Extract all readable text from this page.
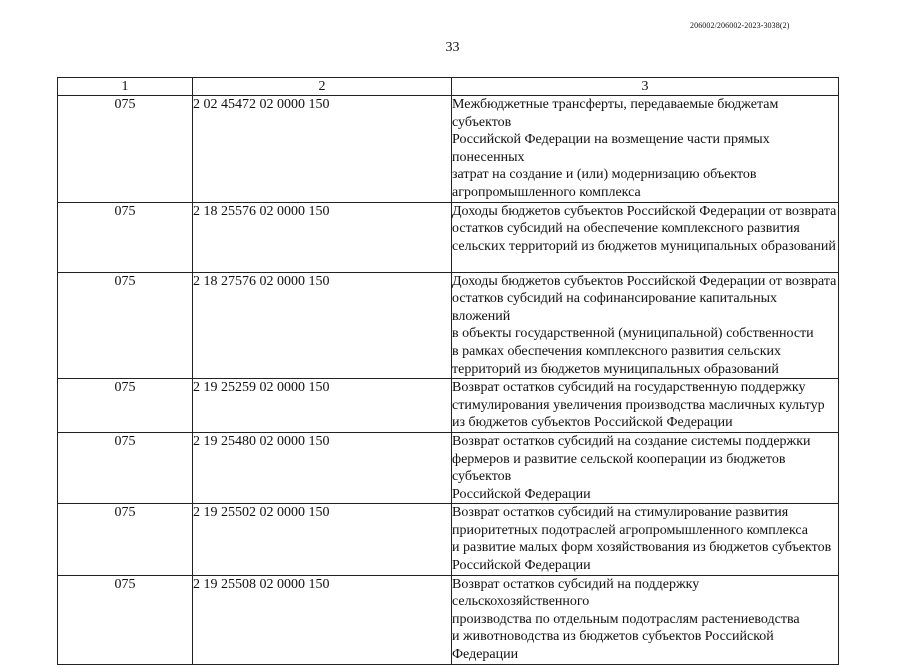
206002/206002-2023-3038(2)
33
1	2	3
075	2 02 45472 02 0000 150	Межбюджетные трансферты, передаваемые бюджетам субъектов
Российской Федерации на возмещение части прямых понесенных
затрат на создание и (или) модернизацию объектов
агропромышленного комплекса
075	2 18 25576 02 0000 150	Доходы бюджетов субъектов Российской Федерации от возврата
остатков субсидий на обеспечение комплексного развития
сельских территорий из бюджетов муниципальных образований
075	2 18 27576 02 0000 150	Доходы бюджетов субъектов Российской Федерации от возврата
остатков субсидий на софинансирование капитальных вложений
в объекты государственной (муниципальной) собственности
в рамках обеспечения комплексного развития сельских
территорий из бюджетов муниципальных образований
075	2 19 25259 02 0000 150	Возврат остатков субсидий на государственную поддержку
стимулирования увеличения производства масличных культур
из бюджетов субъектов Российской Федерации
075	2 19 25480 02 0000 150	Возврат остатков субсидий на создание системы поддержки
фермеров и развитие сельской кооперации из бюджетов субъектов
Российской Федерации
075	2 19 25502 02 0000 150	Возврат остатков субсидий на стимулирование развития
приоритетных подотраслей агропромышленного комплекса
и развитие малых форм хозяйствования из бюджетов субъектов
Российской Федерации
075	2 19 25508 02 0000 150	Возврат остатков субсидий на поддержку сельскохозяйственного
производства по отдельным подотраслям растениеводства
и животноводства из бюджетов субъектов Российской Федерации
